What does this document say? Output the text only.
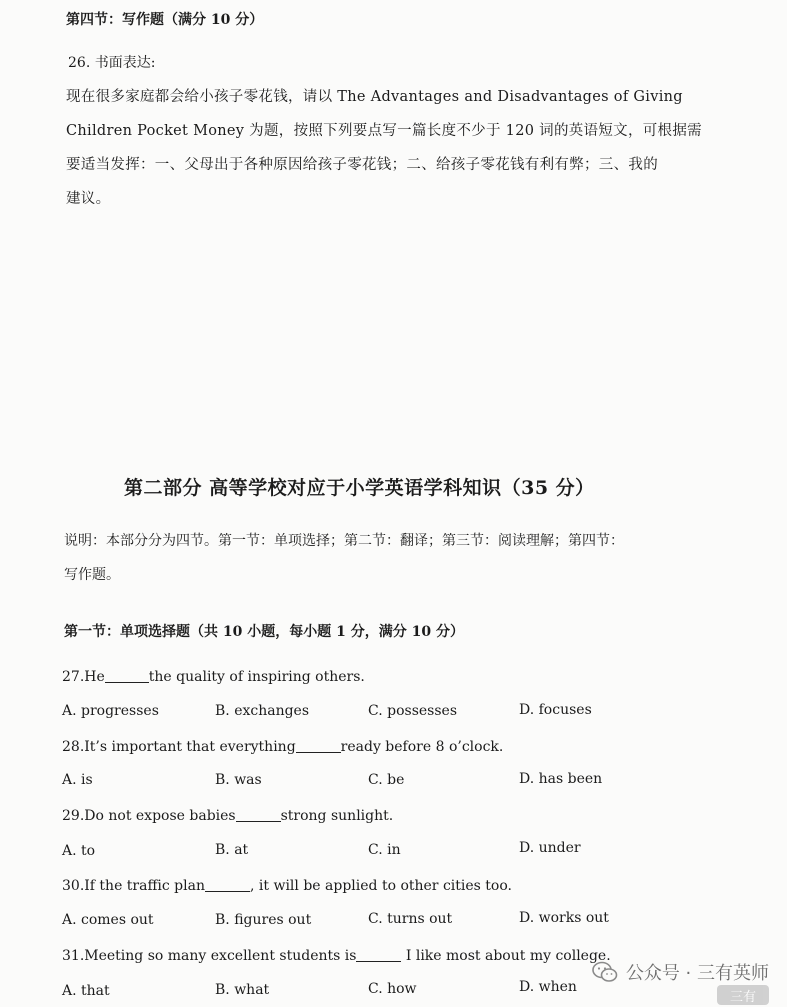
第四节：写作题（满分 10 分）
26. 书面表达:
现在很多家庭都会给小孩子零花钱，请以 The Advantages and Disadvantages of Giving
Children Pocket Money 为题，按照下列要点写一篇长度不少于 120 词的英语短文，可根据需
要适当发挥：一、父母出于各种原因给孩子零花钱；二、给孩子零花钱有利有弊；三、我的
建议。
第二部分 高等学校对应于小学英语学科知识（35 分）
说明：本部分分为四节。第一节：单项选择；第二节：翻译；第三节：阅读理解；第四节：
写作题。
第一节：单项选择题（共 10 小题，每小题 1 分，满分 10 分）
27.He	the quality of inspiring others.
A. progresses	B. exchanges	C. possesses	D. focuses
28.It’s important that everything	ready before 8 o’clock.
A. is	B. was	C. be	D. has been
29.Do not expose babies	strong sunlight.
A. to	B. at	C. in	D. under
30.If the traffic plan	, it will be applied to other cities too.
A. comes out	B. figures out	C. turns out	D. works out
31.Meeting so many excellent students is	I like most about my college.
A. that	B. what	C. how	D. when
公众号 · 三有英师
三有
